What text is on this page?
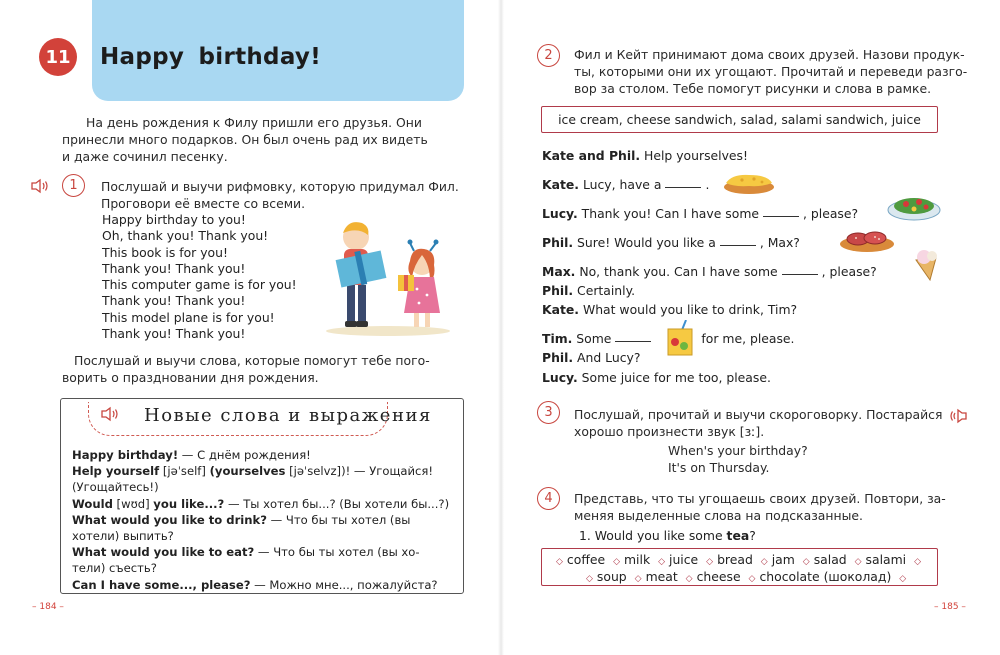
11 Happy birthday!
На день рождения к Филу пришли его друзья. Они
принесли много подарков. Он был очень рад их видеть
и даже сочинил песенку.
1	Послушай и выучи рифмовку, которую придумал Фил.
Проговори её вместе со всеми.
Happy birthday to you!
Oh, thank you! Thank you!
This book is for you!
Thank you! Thank you!
This computer game is for you!
Thank you! Thank you!
This model plane is for you!
Thank you! Thank you!
Послушай и выучи слова, которые помогут тебе пого-
ворить о праздновании дня рождения.
Новые слова и выражения
Happy birthday! — С днём рождения!
Help yourself [jəˈself] (yourselves [jəˈselvz])! — Угощайся!
(Угощайтесь!)
Would [wʊd] you like...? — Ты хотел бы...? (Вы хотели бы...?)
What would you like to drink? — Что бы ты хотел (вы
хотели) выпить?
What would you like to eat? — Что бы ты хотел (вы хо-
тели) съесть?
Can I have some..., please? — Можно мне..., пожалуйста?
– 184 –
2	Фил и Кейт принимают дома своих друзей. Назови продук-
ты, которыми они их угощают. Прочитай и переведи разго-
вор за столом. Тебе помогут рисунки и слова в рамке.
ice cream, cheese sandwich, salad, salami sandwich, juice
Kate and Phil. Help yourselves!
Kate. Lucy, have a	.
Lucy. Thank you! Can I have some	, please?
Phil. Sure! Would you like a	, Max?
Max. No, thank you. Can I have some	, please?
Phil. Certainly.
Kate. What would you like to drink, Tim?
Tim. Some	for me, please.
Phil. And Lucy?
Lucy. Some juice for me too, please.
3	Послушай, прочитай и выучи скороговорку. Постарайся
хорошо произнести звук [ɜː].
When's your birthday?
It's on Thursday.
4	Представь, что ты угощаешь своих друзей. Повтори, за-
меняя выделенные слова на подсказанные.
1. Would you like some tea?
◇ coffee ◇ milk ◇ juice ◇ bread ◇ jam ◇ salad ◇ salami ◇
◇ soup ◇ meat ◇ cheese ◇ chocolate (шоколад) ◇
– 185 –
